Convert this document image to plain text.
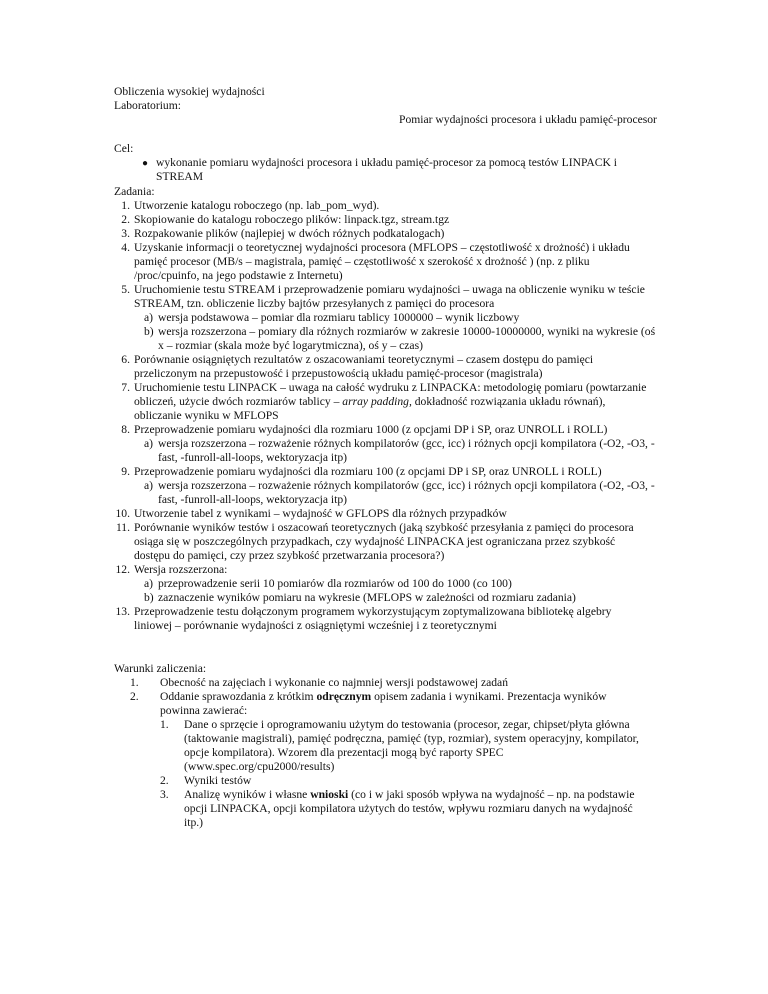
Obliczenia wysokiej wydajności
Laboratorium:
Pomiar wydajności procesora i układu pamięć-procesor
Cel:
● wykonanie pomiaru wydajności procesora i układu pamięć-procesor za pomocą testów LINPACK i
STREAM
Zadania:
1. Utworzenie katalogu roboczego (np. lab_pom_wyd).
2. Skopiowanie do katalogu roboczego plików: linpack.tgz, stream.tgz
3. Rozpakowanie plików (najlepiej w dwóch różnych podkatalogach)
4. Uzyskanie informacji o teoretycznej wydajności procesora (MFLOPS – częstotliwość x drożność) i układu
pamięć procesor (MB/s – magistrala, pamięć – częstotliwość x szerokość x drożność ) (np. z pliku
/proc/cpuinfo, na jego podstawie z Internetu)
5. Uruchomienie testu STREAM i przeprowadzenie pomiaru wydajności – uwaga na obliczenie wyniku w teście
STREAM, tzn. obliczenie liczby bajtów przesyłanych z pamięci do procesora
a) wersja podstawowa – pomiar dla rozmiaru tablicy 1000000 – wynik liczbowy
b) wersja rozszerzona – pomiary dla różnych rozmiarów w zakresie 10000-10000000, wyniki na wykresie (oś
x – rozmiar (skala może być logarytmiczna), oś y – czas)
6. Porównanie osiągniętych rezultatów z oszacowaniami teoretycznymi – czasem dostępu do pamięci
przeliczonym na przepustowość i przepustowością układu pamięć-procesor (magistrala)
7. Uruchomienie testu LINPACK – uwaga na całość wydruku z LINPACKA: metodologię pomiaru (powtarzanie
obliczeń, użycie dwóch rozmiarów tablicy – array padding, dokładność rozwiązania układu równań),
obliczanie wyniku w MFLOPS
8. Przeprowadzenie pomiaru wydajności dla rozmiaru 1000 (z opcjami DP i SP, oraz UNROLL i ROLL)
a) wersja rozszerzona – rozważenie różnych kompilatorów (gcc, icc) i różnych opcji kompilatora (-O2, -O3, -
fast, -funroll-all-loops, wektoryzacja itp)
9. Przeprowadzenie pomiaru wydajności dla rozmiaru 100 (z opcjami DP i SP, oraz UNROLL i ROLL)
a) wersja rozszerzona – rozważenie różnych kompilatorów (gcc, icc) i różnych opcji kompilatora (-O2, -O3, -
fast, -funroll-all-loops, wektoryzacja itp)
10. Utworzenie tabel z wynikami – wydajność w GFLOPS dla różnych przypadków
11. Porównanie wyników testów i oszacowań teoretycznych (jaką szybkość przesyłania z pamięci do procesora
osiąga się w poszczególnych przypadkach, czy wydajność LINPACKA jest ograniczana przez szybkość
dostępu do pamięci, czy przez szybkość przetwarzania procesora?)
12. Wersja rozszerzona:
a) przeprowadzenie serii 10 pomiarów dla rozmiarów od 100 do 1000 (co 100)
b) zaznaczenie wyników pomiaru na wykresie (MFLOPS w zależności od rozmiaru zadania)
13. Przeprowadzenie testu dołączonym programem wykorzystującym zoptymalizowana bibliotekę algebry
liniowej – porównanie wydajności z osiągniętymi wcześniej i z teoretycznymi
Warunki zaliczenia:
1. Obecność na zajęciach i wykonanie co najmniej wersji podstawowej zadań
2. Oddanie sprawozdania z krótkim odręcznym opisem zadania i wynikami. Prezentacja wyników
powinna zawierać:
1. Dane o sprzęcie i oprogramowaniu użytym do testowania (procesor, zegar, chipset/płyta główna
(taktowanie magistrali), pamięć podręczna, pamięć (typ, rozmiar), system operacyjny, kompilator,
opcje kompilatora). Wzorem dla prezentacji mogą być raporty SPEC
(www.spec.org/cpu2000/results)
2. Wyniki testów
3. Analizę wyników i własne wnioski (co i w jaki sposób wpływa na wydajność – np. na podstawie
opcji LINPACKA, opcji kompilatora użytych do testów, wpływu rozmiaru danych na wydajność
itp.)
